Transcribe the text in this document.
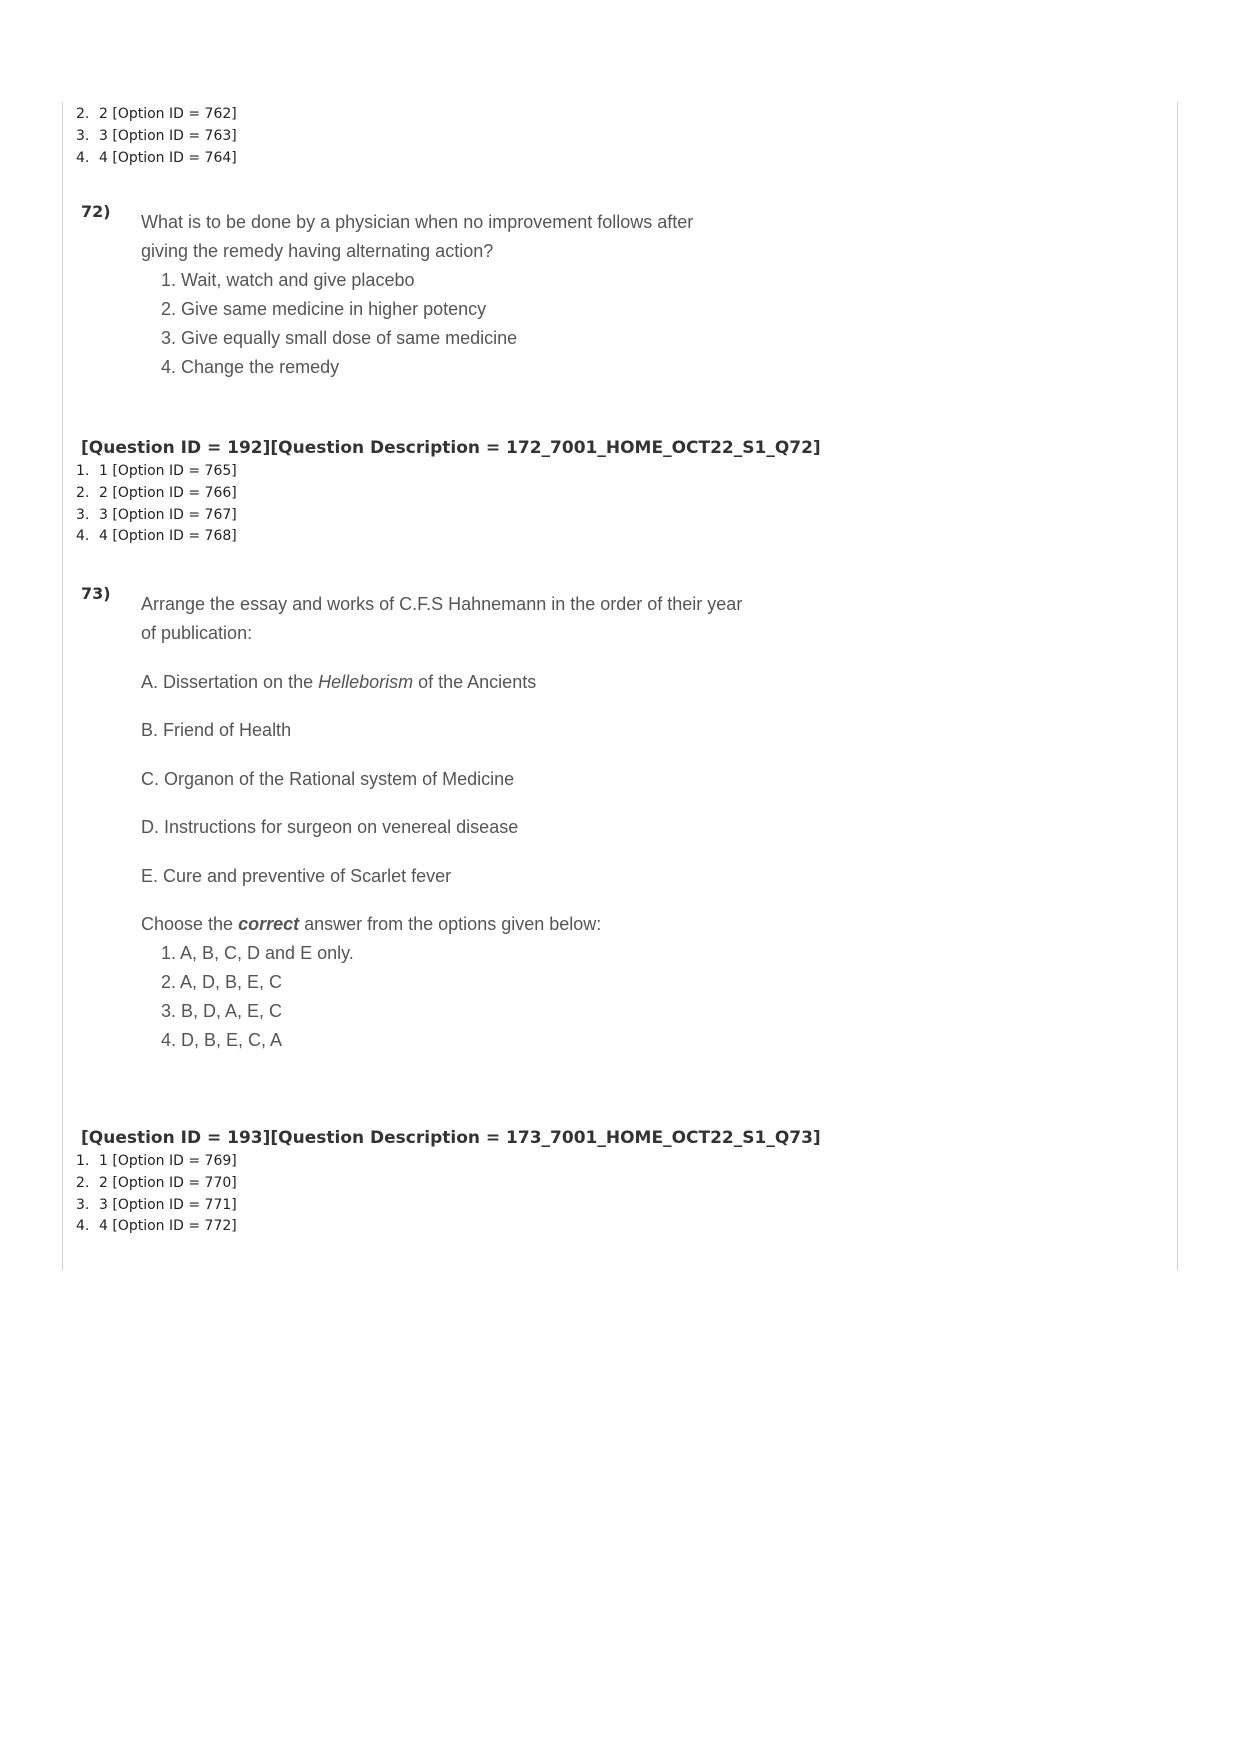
2. 2 [Option ID = 762]
3. 3 [Option ID = 763]
4. 4 [Option ID = 764]
72)
What is to be done by a physician when no improvement follows after
giving the remedy having alternating action?
1. Wait, watch and give placebo
2. Give same medicine in higher potency
3. Give equally small dose of same medicine
4. Change the remedy
[Question ID = 192][Question Description = 172_7001_HOME_OCT22_S1_Q72]
1. 1 [Option ID = 765]
2. 2 [Option ID = 766]
3. 3 [Option ID = 767]
4. 4 [Option ID = 768]
73)
Arrange the essay and works of C.F.S Hahnemann in the order of their year
of publication:
A. Dissertation on the Helleborism of the Ancients
B. Friend of Health
C. Organon of the Rational system of Medicine
D. Instructions for surgeon on venereal disease
E. Cure and preventive of Scarlet fever
Choose the correct answer from the options given below:
1. A, B, C, D and E only.
2. A, D, B, E, C
3. B, D, A, E, C
4. D, B, E, C, A
[Question ID = 193][Question Description = 173_7001_HOME_OCT22_S1_Q73]
1. 1 [Option ID = 769]
2. 2 [Option ID = 770]
3. 3 [Option ID = 771]
4. 4 [Option ID = 772]
